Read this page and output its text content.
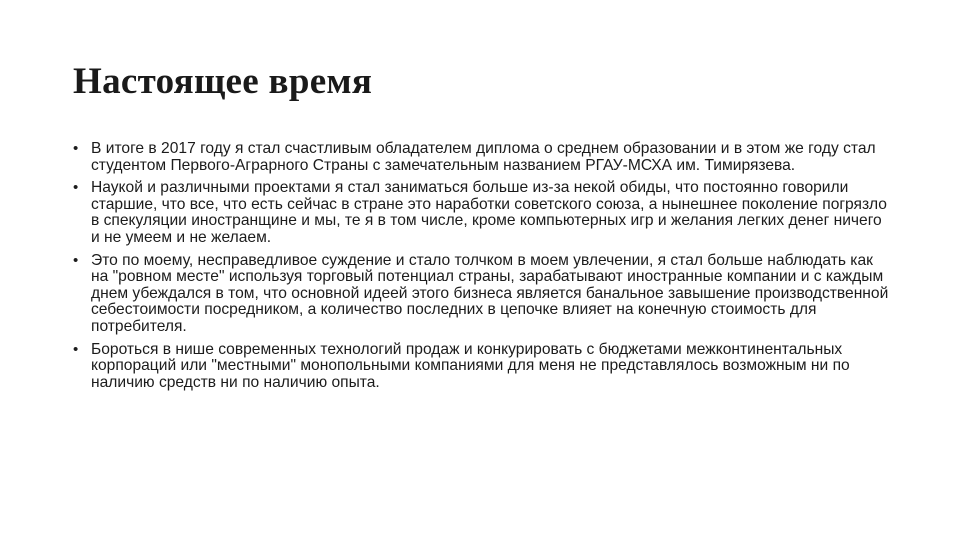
Настоящее время
• В итоге в 2017 году я стал счастливым обладателем диплома о среднем образовании и в этом же году стал студентом Первого-Аграрного Страны с замечательным названием РГАУ-МСХА им. Тимирязева.
• Наукой и различными проектами я стал заниматься больше из-за некой обиды, что постоянно говорили старшие, что все, что есть сейчас в стране это наработки советского союза, а нынешнее поколение погрязло в спекуляции иностранщине и мы, те я в том числе, кроме компьютерных игр и желания легких денег ничего и не умеем и не желаем.
• Это по моему, несправедливое суждение и стало толчком в моем увлечении, я стал больше наблюдать как на "ровном месте" используя торговый потенциал страны, зарабатывают иностранные компании и с каждым днем убеждался в том, что основной идеей этого бизнеса является банальное завышение производственной себестоимости посредником, а количество последних в цепочке влияет на конечную стоимость для потребителя.
• Бороться в нише современных технологий продаж и конкурировать с бюджетами межконтинентальных корпораций или "местными" монопольными компаниями для меня не представлялось возможным ни по наличию средств ни по наличию опыта.
